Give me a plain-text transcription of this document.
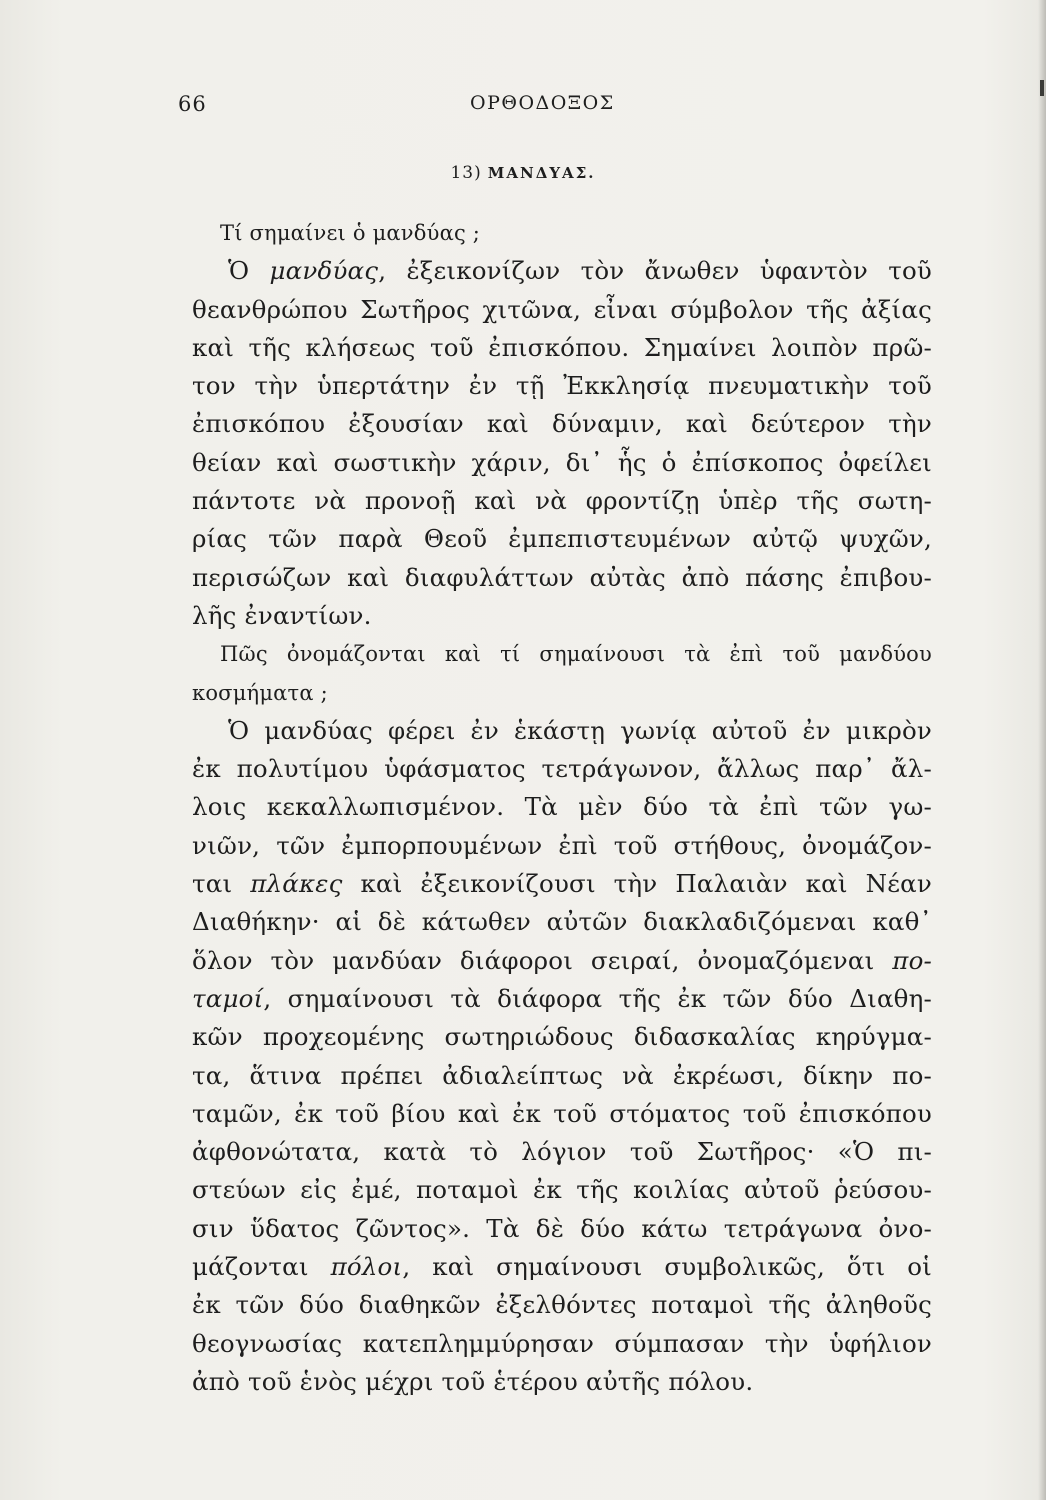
66	ΟΡΘΟΔΟΞΟΣ
13) ΜΑΝΔΥΑΣ.
Τί σημαίνει ὁ μανδύας ;
Ὁ μανδύας, ἐξεικονίζων τὸν ἄνωθεν ὑφαντὸν τοῦ
θεανθρώπου Σωτῆρος χιτῶνα, εἶναι σύμβολον τῆς ἀξίας
καὶ τῆς κλήσεως τοῦ ἐπισκόπου. Σημαίνει λοιπὸν πρῶ-
τον τὴν ὑπερτάτην ἐν τῇ Ἐκκλησίᾳ πνευματικὴν τοῦ
ἐπισκόπου ἐξουσίαν καὶ δύναμιν, καὶ δεύτερον τὴν
θείαν καὶ σωστικὴν χάριν, δι᾽ ἧς ὁ ἐπίσκοπος ὀφείλει
πάντοτε νὰ προνοῇ καὶ νὰ φροντίζῃ ὑπὲρ τῆς σωτη-
ρίας τῶν παρὰ Θεοῦ ἐμπεπιστευμένων αὐτῷ ψυχῶν,
περισώζων καὶ διαφυλάττων αὐτὰς ἀπὸ πάσης ἐπιβου-
λῆς ἐναντίων.
Πῶς ὀνομάζονται καὶ τί σημαίνουσι τὰ ἐπὶ τοῦ μανδύου
κοσμήματα ;
Ὁ μανδύας φέρει ἐν ἑκάστῃ γωνίᾳ αὐτοῦ ἐν μικρὸν
ἐκ πολυτίμου ὑφάσματος τετράγωνον, ἄλλως παρ᾽ ἄλ-
λοις κεκαλλωπισμένον. Τὰ μὲν δύο τὰ ἐπὶ τῶν γω-
νιῶν, τῶν ἐμπορπουμένων ἐπὶ τοῦ στήθους, ὀνομάζον-
ται πλάκες καὶ ἐξεικονίζουσι τὴν Παλαιὰν καὶ Νέαν
Διαθήκην· αἱ δὲ κάτωθεν αὐτῶν διακλαδιζόμεναι καθ᾽
ὅλον τὸν μανδύαν διάφοροι σειραί, ὀνομαζόμεναι πο-
ταμοί, σημαίνουσι τὰ διάφορα τῆς ἐκ τῶν δύο Διαθη-
κῶν προχεομένης σωτηριώδους διδασκαλίας κηρύγμα-
τα, ἅτινα πρέπει ἀδιαλείπτως νὰ ἐκρέωσι, δίκην πο-
ταμῶν, ἐκ τοῦ βίου καὶ ἐκ τοῦ στόματος τοῦ ἐπισκόπου
ἀφθονώτατα, κατὰ τὸ λόγιον τοῦ Σωτῆρος· «Ὁ πι-
στεύων εἰς ἐμέ, ποταμοὶ ἐκ τῆς κοιλίας αὐτοῦ ῥεύσου-
σιν ὕδατος ζῶντος». Τὰ δὲ δύο κάτω τετράγωνα ὀνο-
μάζονται πόλοι, καὶ σημαίνουσι συμβολικῶς, ὅτι οἱ
ἐκ τῶν δύο διαθηκῶν ἐξελθόντες ποταμοὶ τῆς ἀληθοῦς
θεογνωσίας κατεπλημμύρησαν σύμπασαν τὴν ὑφήλιον
ἀπὸ τοῦ ἑνὸς μέχρι τοῦ ἑτέρου αὐτῆς πόλου.
